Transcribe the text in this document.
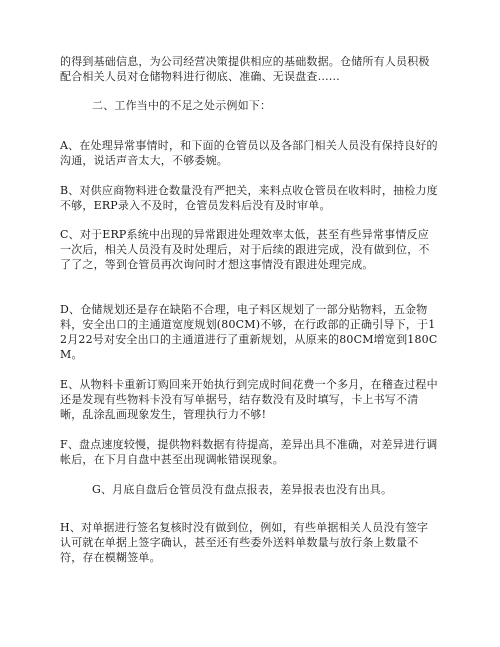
的得到基础信息，为公司经营决策提供相应的基础数据。仓储所有人员积极配合相关人员对仓储物料进行彻底、准确、无误盘查……

二、工作当中的不足之处示例如下：

A、在处理异常事情时，和下面的仓管员以及各部门相关人员没有保持良好的沟通，说话声音太大，不够委婉。

B、对供应商物料进仓数量没有严把关，来料点收仓管员在收料时，抽检力度不够，ERP录入不及时，仓管员发料后没有及时审单。

C、对于ERP系统中出现的异常跟进处理效率太低，甚至有些异常事情反应一次后，相关人员没有及时处理后，对于后续的跟进完成，没有做到位，不了了之，等到仓管员再次询问时才想这事情没有跟进处理完成。

D、仓储规划还是存在缺陷不合理，电子料区规划了一部分贴物料，五金物料，安全出口的主通道宽度规划(80CM)不够，在行政部的正确引导下，于12月22号对安全出口的主通道进行了重新规划，从原来的80CM增宽到180CM。

E、从物料卡重新订购回来开始执行到完成时间花费一个多月，在稽查过程中还是发现有些物料卡没有写单据号，结存数没有及时填写，卡上书写不清晰，乱涂乱画现象发生，管理执行力不够!

F、盘点速度较慢，提供物料数据有待提高，差异出具不准确，对差异进行调帐后，在下月自盘中甚至出现调帐错误现象。

G、月底自盘后仓管员没有盘点报表，差异报表也没有出具。

H、对单据进行签名复核时没有做到位，例如，有些单据相关人员没有签字认可就在单据上签字确认，甚至还有些委外送料单数量与放行条上数量不符，存在模糊签单。
